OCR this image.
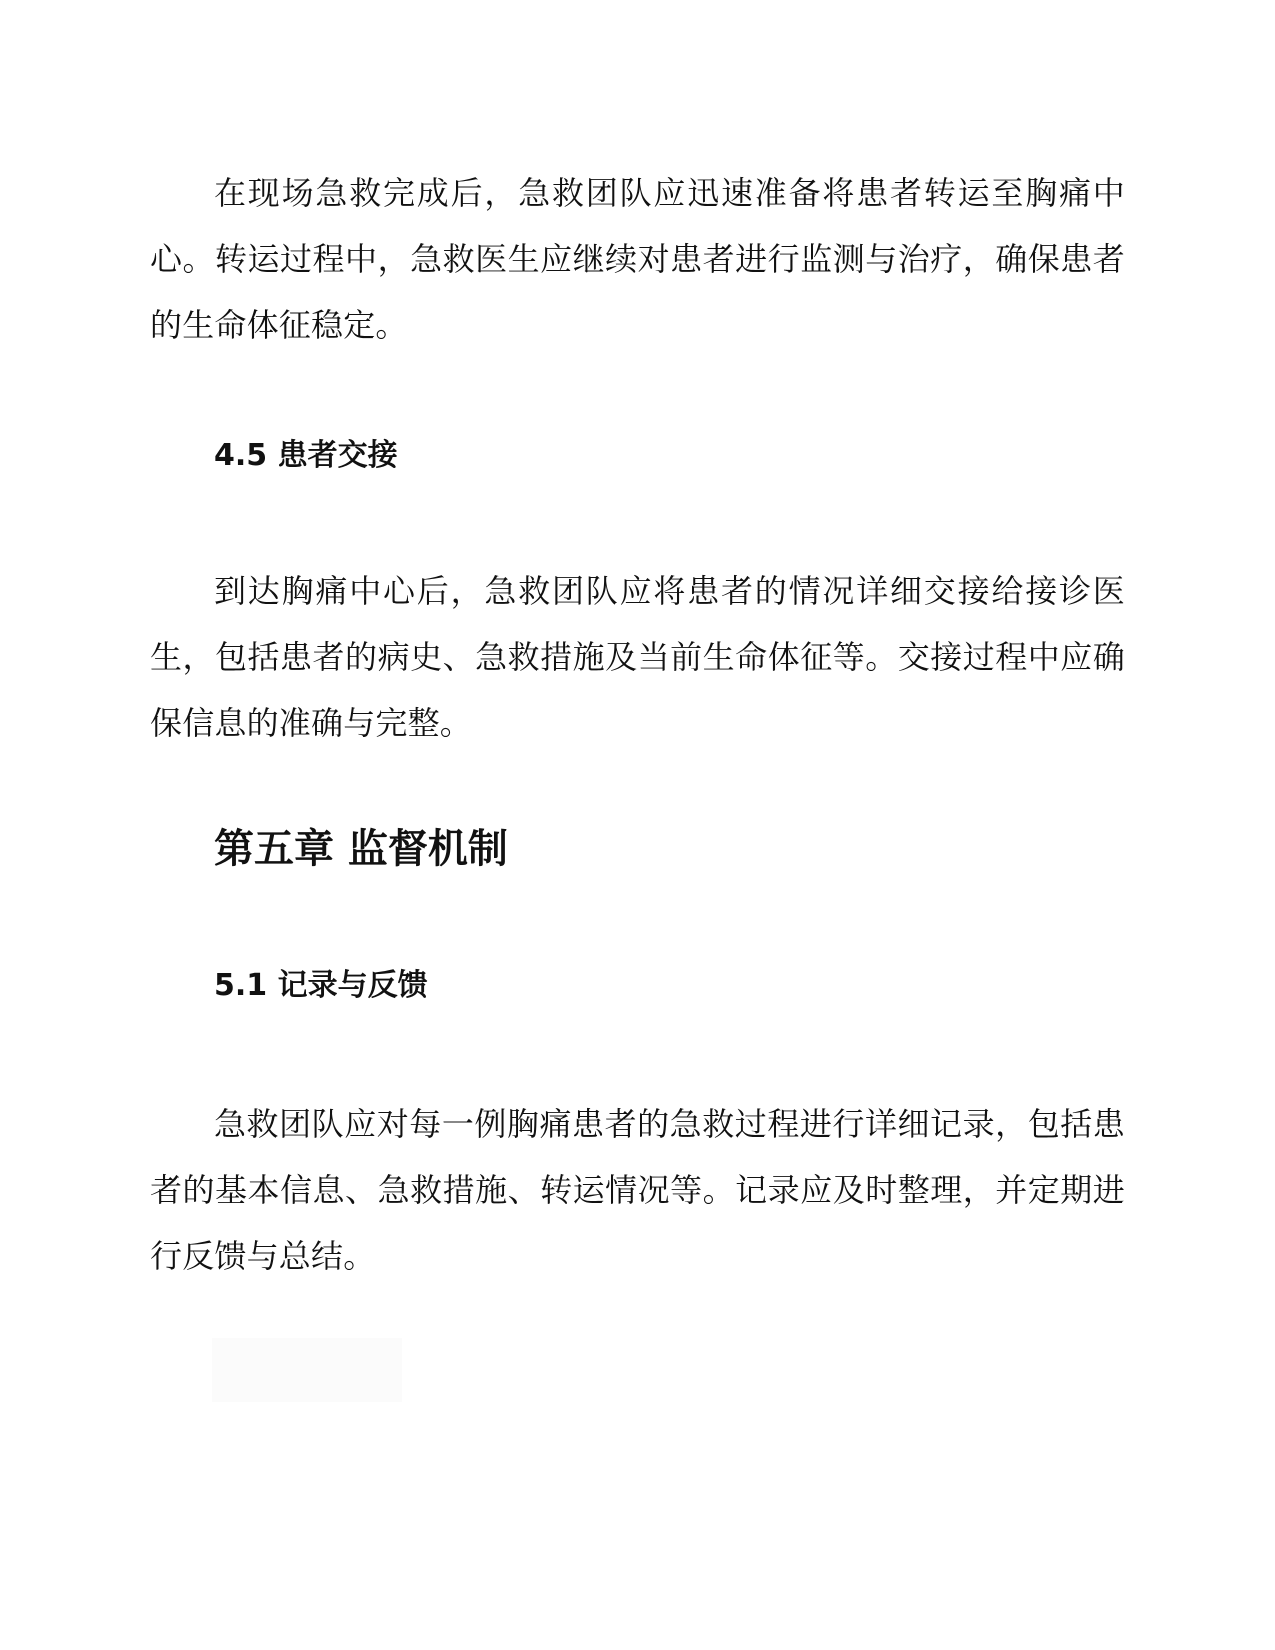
在现场急救完成后，急救团队应迅速准备将患者转运至胸痛中心。转运过程中，急救医生应继续对患者进行监测与治疗，确保患者的生命体征稳定。

4.5 患者交接

到达胸痛中心后，急救团队应将患者的情况详细交接给接诊医生，包括患者的病史、急救措施及当前生命体征等。交接过程中应确保信息的准确与完整。

第五章 监督机制
5.1 记录与反馈

急救团队应对每一例胸痛患者的急救过程进行详细记录，包括患者的基本信息、急救措施、转运情况等。记录应及时整理，并定期进行反馈与总结。
